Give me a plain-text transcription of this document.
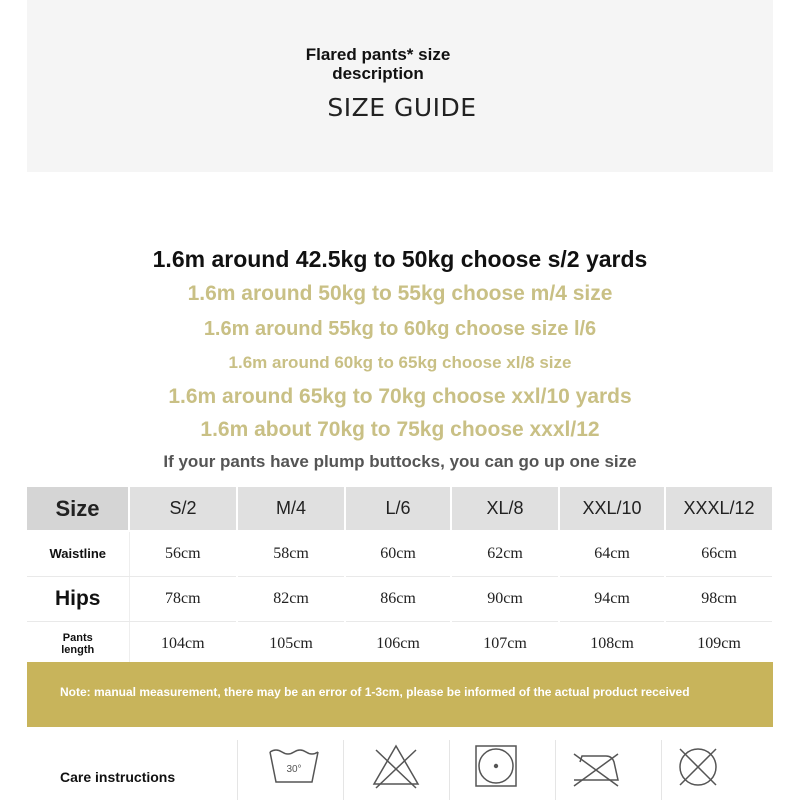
Flared pants* size
description
SIZE GUIDE
1.6m around 42.5kg to 50kg choose s/2 yards
1.6m around 50kg to 55kg choose m/4 size
1.6m around 55kg to 60kg choose size l/6
1.6m around 60kg to 65kg choose xl/8 size
1.6m around 65kg to 70kg choose xxl/10 yards
1.6m about 70kg to 75kg choose xxxl/12
If your pants have plump buttocks, you can go up one size
Size	S/2	M/4	L/6	XL/8	XXL/10	XXXL/12
Waistline	56cm	58cm	60cm	62cm	64cm	66cm
Hips	78cm	82cm	86cm	90cm	94cm	98cm

Pants
length	104cm	105cm	106cm	107cm	108cm	109cm
Note: manual measurement, there may be an error of 1-3cm, please be informed of the actual product received
Care instructions	30°
